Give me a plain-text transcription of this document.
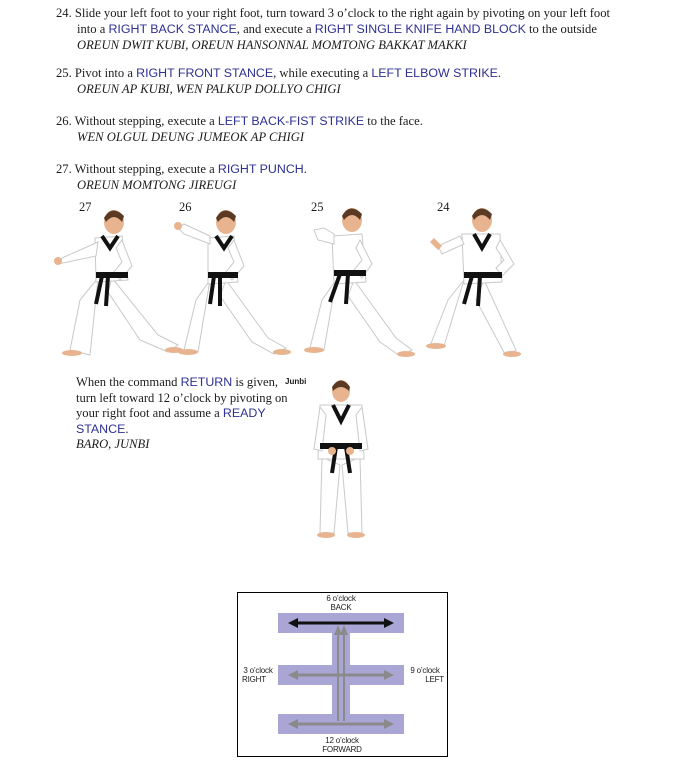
24. Slide your left foot to your right foot, turn toward 3 o’clock to the right again by pivoting on your left foot
into a RIGHT BACK STANCE, and execute a RIGHT SINGLE KNIFE HAND BLOCK to the outside
OREUN DWIT KUBI, OREUN HANSONNAL MOMTONG BAKKAT MAKKI
25. Pivot into a RIGHT FRONT STANCE, while executing a LEFT ELBOW STRIKE.
OREUN AP KUBI, WEN PALKUP DOLLYO CHIGI
26. Without stepping, execute a LEFT BACK-FIST STRIKE to the face.
WEN OLGUL DEUNG JUMEOK AP CHIGI
27. Without stepping, execute a RIGHT PUNCH.
OREUN MOMTONG JIREUGI
27	26	25	24
When the command RETURN is given, turn left toward 12 o’clock by pivoting on your right foot and assume a READY STANCE.
BARO, JUNBI
Junbi
6 o’clock
BACK
3 o’clock
RIGHT
9 o’clock
LEFT
12 o’clock
FORWARD
